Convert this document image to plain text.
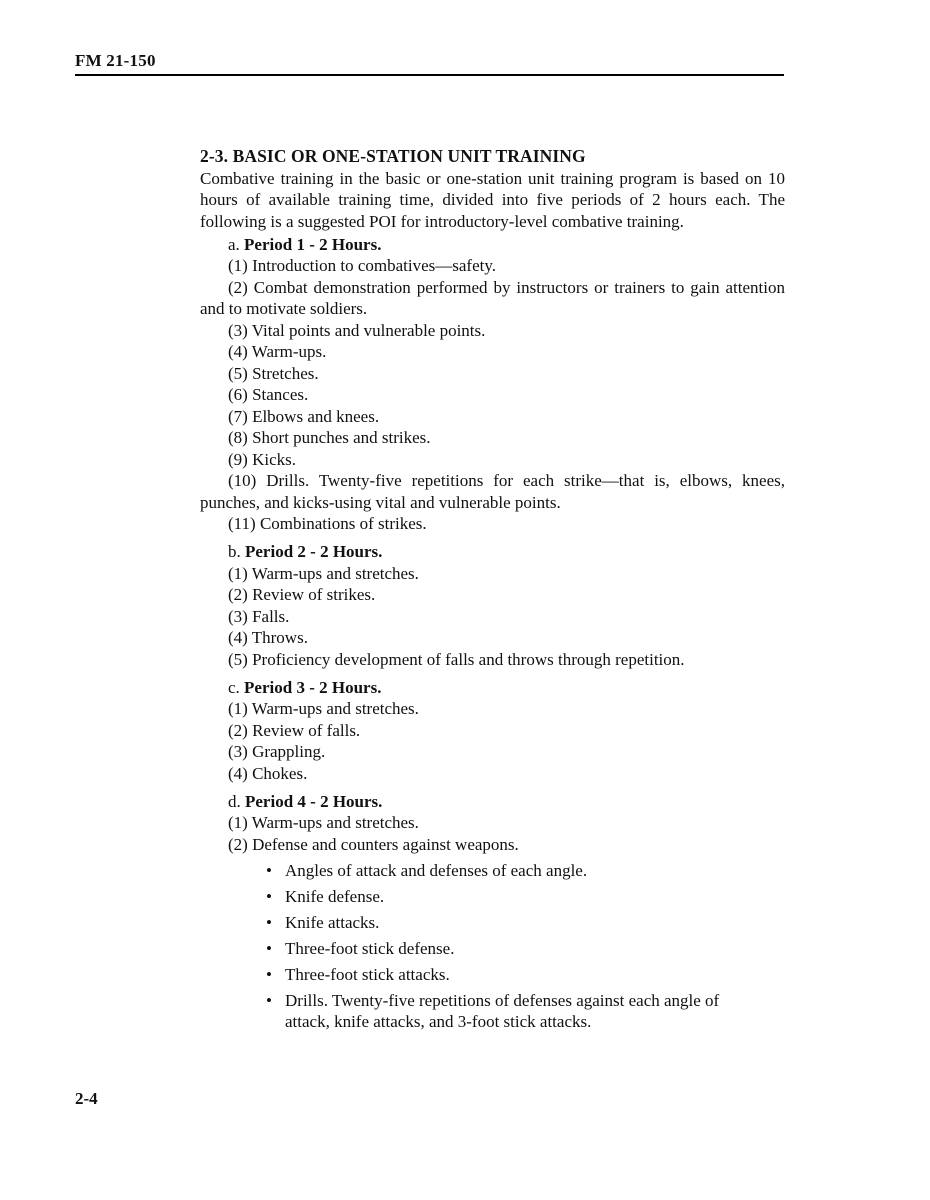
FM 21-150
2-3. BASIC OR ONE-STATION UNIT TRAINING

Combative training in the basic or one-station unit training program is based on 10 hours of available training time, divided into five periods of 2 hours each. The following is a suggested POI for introductory-level combative training.

a. Period 1 - 2 Hours.

(1) Introduction to combatives—safety.

(2) Combat demonstration performed by instructors or trainers to gain attention and to motivate soldiers.

(3) Vital points and vulnerable points.

(4) Warm-ups.

(5) Stretches.

(6) Stances.

(7) Elbows and knees.

(8) Short punches and strikes.

(9) Kicks.

(10) Drills. Twenty-five repetitions for each strike—that is, elbows, knees, punches, and kicks-using vital and vulnerable points.

(11) Combinations of strikes.

b. Period 2 - 2 Hours.

(1) Warm-ups and stretches.

(2) Review of strikes.

(3) Falls.

(4) Throws.

(5) Proficiency development of falls and throws through repetition.

c. Period 3 - 2 Hours.

(1) Warm-ups and stretches.

(2) Review of falls.

(3) Grappling.

(4) Chokes.

d. Period 4 - 2 Hours.

(1) Warm-ups and stretches.

(2) Defense and counters against weapons.

• Angles of attack and defenses of each angle.
• Knife defense.
• Knife attacks.
• Three-foot stick defense.
• Three-foot stick attacks.
• Drills. Twenty-five repetitions of defenses against each angle of attack, knife attacks, and 3-foot stick attacks.
2-4
